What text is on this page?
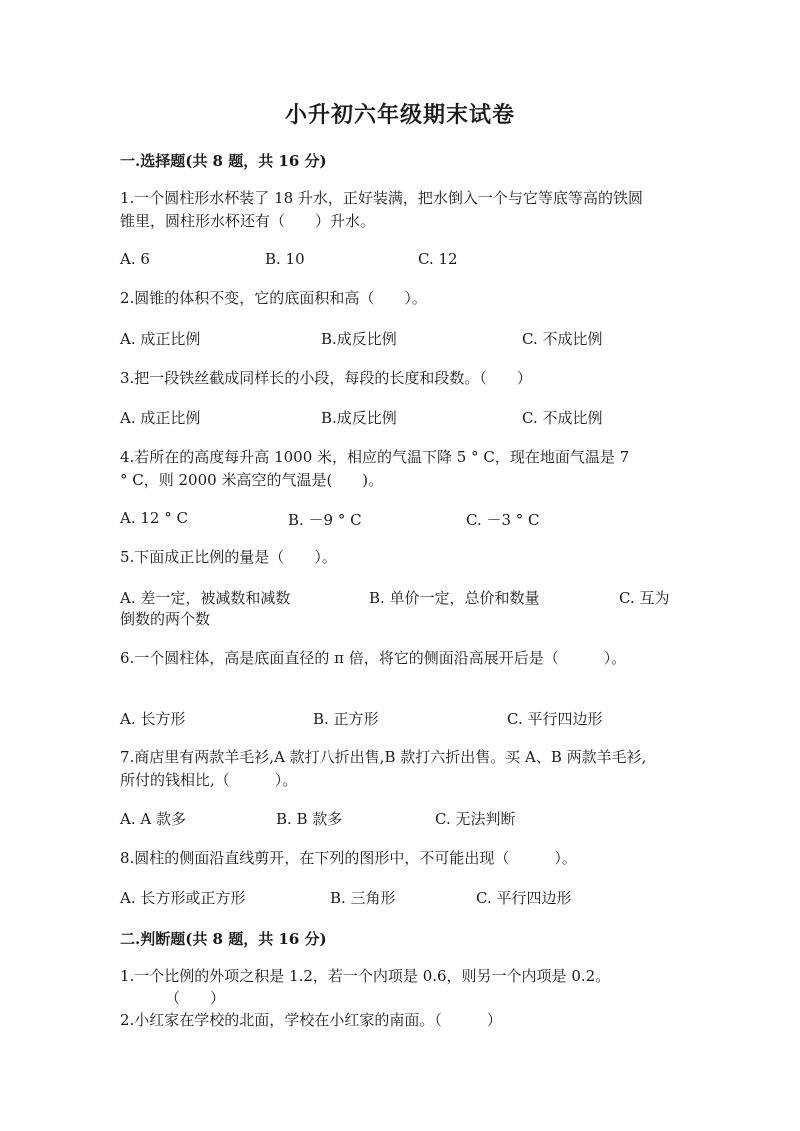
小升初六年级期末试卷
一.选择题(共 8 题，共 16 分)
1.一个圆柱形水杯装了 18 升水，正好装满，把水倒入一个与它等底等高的铁圆
锥里，圆柱形水杯还有（　　）升水。
A. 6	B. 10	C. 12
2.圆锥的体积不变，它的底面积和高（　　）。
A. 成正比例	B.成反比例	C. 不成比例
3.把一段铁丝截成同样长的小段，每段的长度和段数。（　　）
A. 成正比例	B.成反比例	C. 不成比例
4.若所在的高度每升高 1000 米，相应的气温下降 5 ° C，现在地面气温是 7
° C，则 2000 米高空的气温是(　　)。
A. 12 ° C	B. －9 ° C	C. －3 ° C
5.下面成正比例的量是（　　）。
A. 差一定，被减数和减数	B. 单价一定，总价和数量	C. 互为
倒数的两个数
6.一个圆柱体，高是底面直径的 π 倍，将它的侧面沿高展开后是（　　　）。
A. 长方形	B. 正方形	C. 平行四边形
7.商店里有两款羊毛衫,A 款打八折出售,B 款打六折出售。买 A、B 两款羊毛衫,
所付的钱相比,（　　　）。
A. A 款多	B. B 款多	C. 无法判断
8.圆柱的侧面沿直线剪开，在下列的图形中，不可能出现（　　　）。
A. 长方形或正方形	B. 三角形	C. 平行四边形
二.判断题(共 8 题，共 16 分)
1.一个比例的外项之积是 1.2，若一个内项是 0.6，则另一个内项是 0.2。
（　　）
2.小红家在学校的北面，学校在小红家的南面。（　　　）
